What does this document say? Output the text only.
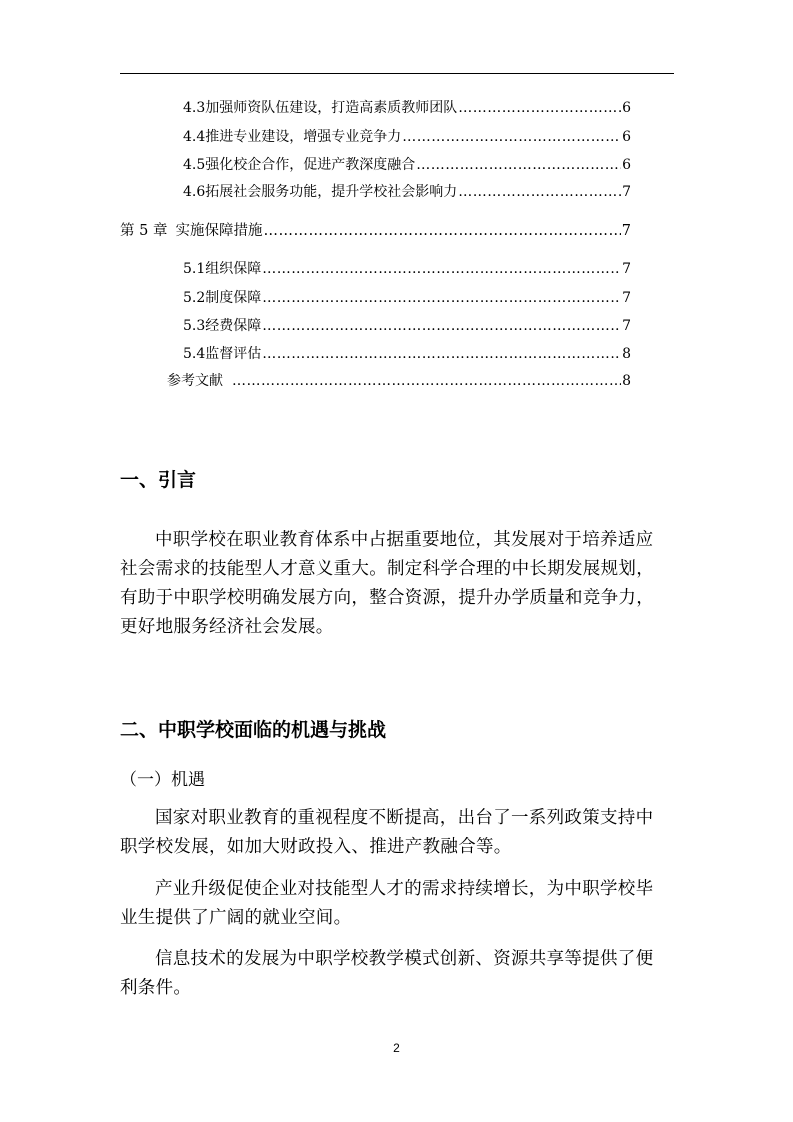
4.3 加强师资队伍建设，打造高素质教师团队 ……………………………………………………………………………………………………………………………………………	6
4.4 推进专业建设，增强专业竞争力 ……………………………………………………………………………………………………………………………………………	6
4.5 强化校企合作，促进产教深度融合 ……………………………………………………………………………………………………………………………………………	6
4.6 拓展社会服务功能，提升学校社会影响力 ……………………………………………………………………………………………………………………………………………	7
第 5 章 实施保障措施 ……………………………………………………………………………………………………………………………………………	7
5.1 组织保障 ……………………………………………………………………………………………………………………………………………	7
5.2 制度保障 ……………………………………………………………………………………………………………………………………………	7
5.3 经费保障 ……………………………………………………………………………………………………………………………………………	7
5.4 监督评估 ……………………………………………………………………………………………………………………………………………	8
参考文献 ……………………………………………………………………………………………………………………………………………	8
一、引言
中职学校在职业教育体系中占据重要地位，其发展对于培养适应社会需求的技能型人才意义重大。制定科学合理的中长期发展规划，有助于中职学校明确发展方向，整合资源，提升办学质量和竞争力，更好地服务经济社会发展。
二、中职学校面临的机遇与挑战
（一）机遇
国家对职业教育的重视程度不断提高，出台了一系列政策支持中职学校发展，如加大财政投入、推进产教融合等。
产业升级促使企业对技能型人才的需求持续增长，为中职学校毕业生提供了广阔的就业空间。
信息技术的发展为中职学校教学模式创新、资源共享等提供了便利条件。
2
